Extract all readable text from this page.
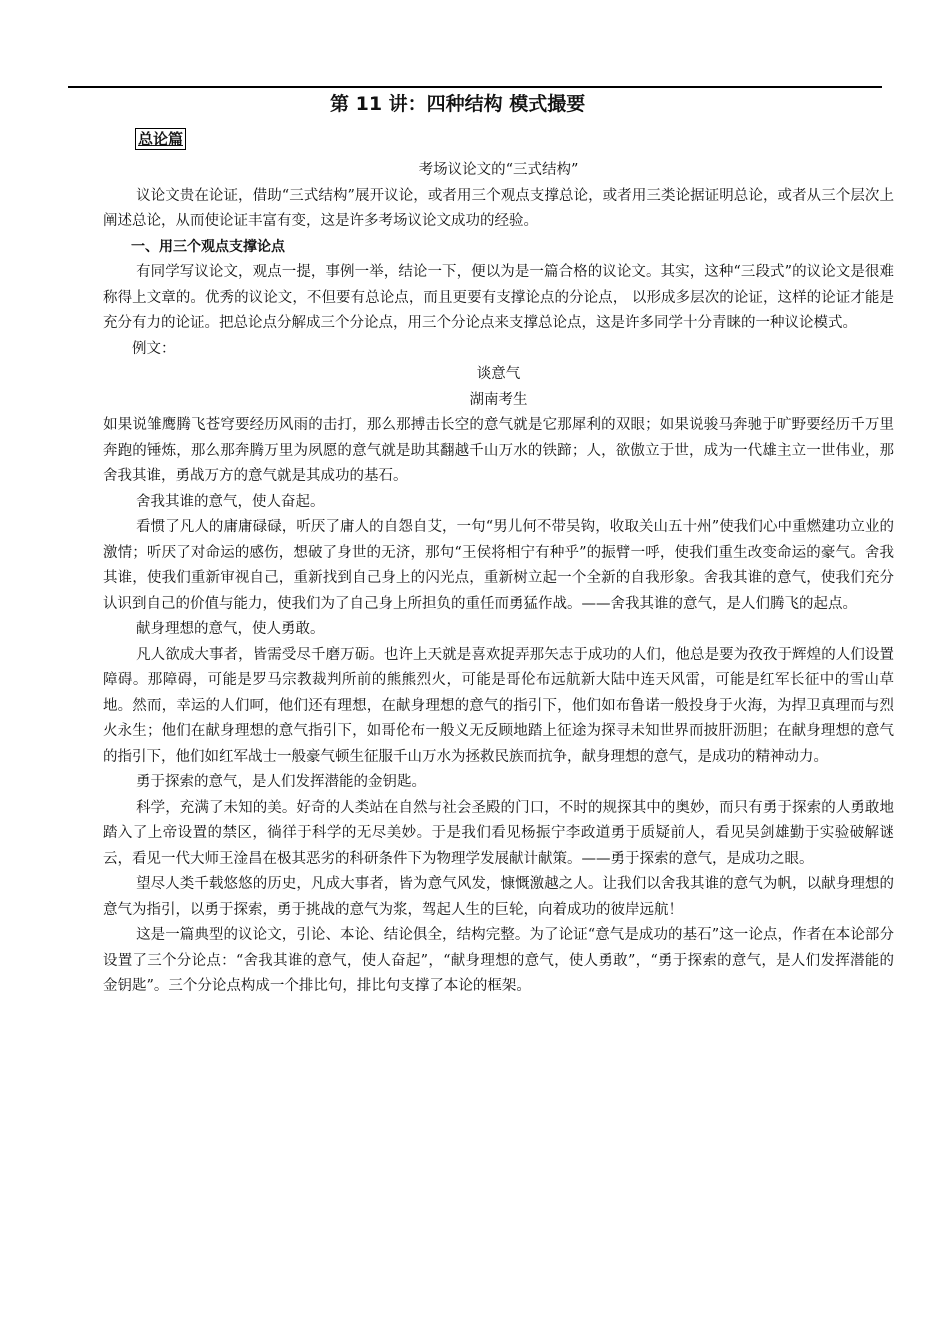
第 11 讲：四种结构 模式撮要
总论篇

考场议论文的“三式结构”

议论文贵在论证，借助“三式结构”展开议论，或者用三个观点支撑总论，或者用三类论据证明总论，或者从三个层次上阐述总论，从而使论证丰富有变，这是许多考场议论文成功的经验。

一、用三个观点支撑论点

有同学写议论文，观点一提，事例一举，结论一下，便以为是一篇合格的议论文。其实，这种“三段式”的议论文是很难称得上文章的。优秀的议论文，不但要有总论点，而且更要有支撑论点的分论点， 以形成多层次的论证，这样的论证才能是充分有力的论证。把总论点分解成三个分论点，用三个分论点来支撑总论点，这是许多同学十分青睐的一种议论模式。

例文：

谈意气

湖南考生

如果说雏鹰腾飞苍穹要经历风雨的击打，那么那搏击长空的意气就是它那犀利的双眼；如果说骏马奔驰于旷野要经历千万里奔跑的锤炼，那么那奔腾万里为夙愿的意气就是助其翻越千山万水的铁蹄；人，欲傲立于世，成为一代雄主立一世伟业，那舍我其谁，勇战万方的意气就是其成功的基石。

舍我其谁的意气，使人奋起。

看惯了凡人的庸庸碌碌，听厌了庸人的自怨自艾，一句“男儿何不带吴钩，收取关山五十州”使我们心中重燃建功立业的激情；听厌了对命运的感伤，想破了身世的无济，那句“王侯将相宁有种乎”的振臂一呼，使我们重生改变命运的豪气。舍我其谁，使我们重新审视自己，重新找到自己身上的闪光点，重新树立起一个全新的自我形象。舍我其谁的意气，使我们充分认识到自己的价值与能力，使我们为了自己身上所担负的重任而勇猛作战。——舍我其谁的意气，是人们腾飞的起点。

献身理想的意气，使人勇敢。

凡人欲成大事者，皆需受尽千磨万砺。也许上天就是喜欢捉弄那矢志于成功的人们，他总是要为孜孜于辉煌的人们设置障碍。那障碍，可能是罗马宗教裁判所前的熊熊烈火，可能是哥伦布远航新大陆中连天风雷，可能是红军长征中的雪山草地。然而，幸运的人们呵，他们还有理想，在献身理想的意气的指引下，他们如布鲁诺一般投身于火海，为捍卫真理而与烈火永生；他们在献身理想的意气指引下，如哥伦布一般义无反顾地踏上征途为探寻未知世界而披肝沥胆；在献身理想的意气的指引下，他们如红军战士一般豪气顿生征服千山万水为拯救民族而抗争，献身理想的意气，是成功的精神动力。

勇于探索的意气，是人们发挥潜能的金钥匙。

科学，充满了未知的美。好奇的人类站在自然与社会圣殿的门口，不时的规探其中的奥妙，而只有勇于探索的人勇敢地踏入了上帝设置的禁区，徜徉于科学的无尽美妙。于是我们看见杨振宁李政道勇于质疑前人，看见吴剑雄勤于实验破解谜云，看见一代大师王淦昌在极其恶劣的科研条件下为物理学发展献计献策。——勇于探索的意气，是成功之眼。

望尽人类千载悠悠的历史，凡成大事者，皆为意气风发，慷慨激越之人。让我们以舍我其谁的意气为帆，以献身理想的意气为指引，以勇于探索，勇于挑战的意气为浆，驾起人生的巨轮，向着成功的彼岸远航！

这是一篇典型的议论文，引论、本论、结论俱全，结构完整。为了论证“意气是成功的基石”这一论点，作者在本论部分设置了三个分论点：“舍我其谁的意气，使人奋起”，“献身理想的意气，使人勇敢”，“勇于探索的意气，是人们发挥潜能的金钥匙”。三个分论点构成一个排比句，排比句支撑了本论的框架。
